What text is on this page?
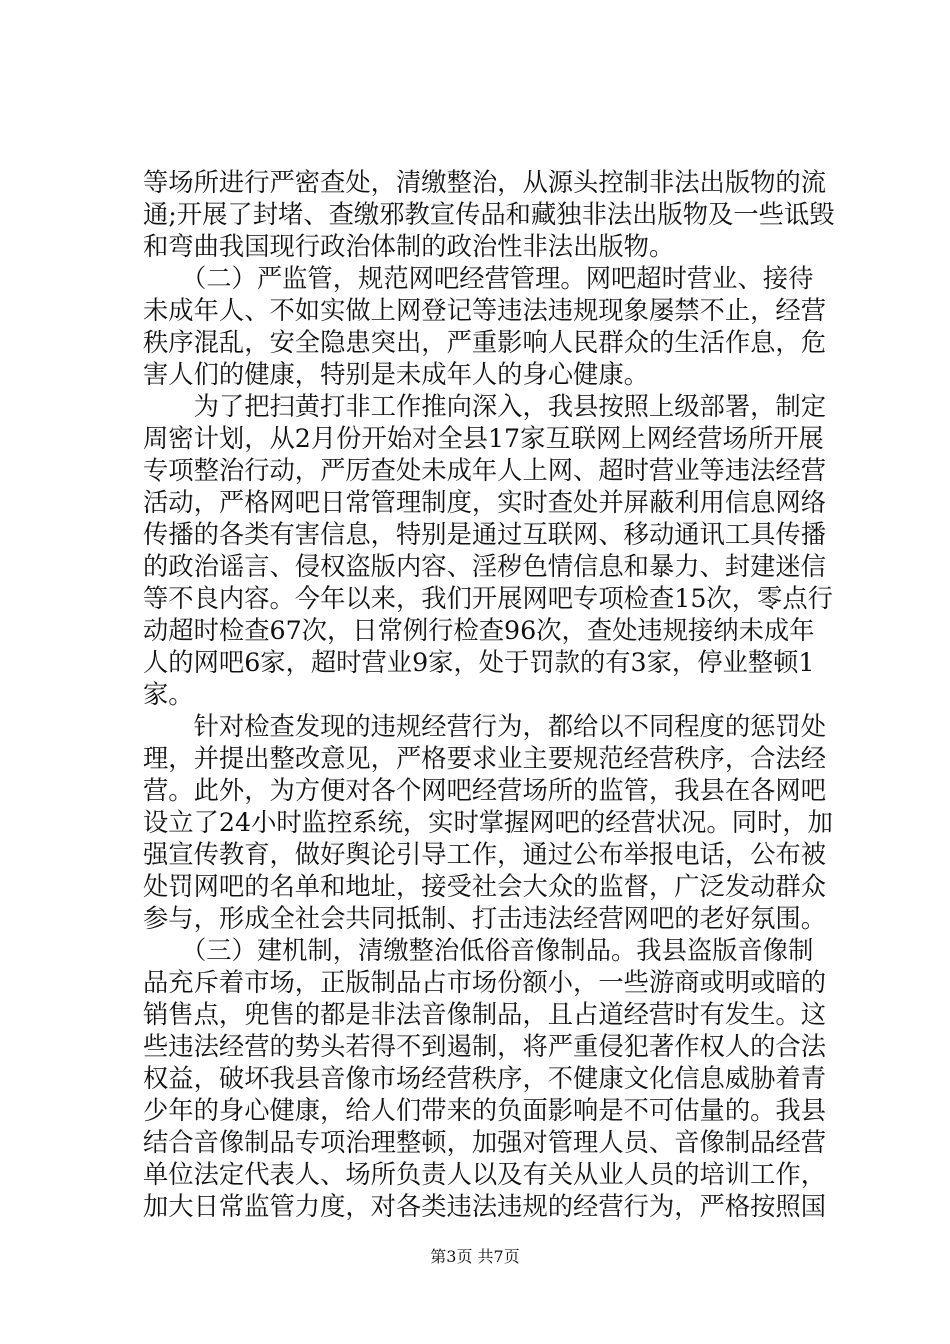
等场所进行严密查处，清缴整治，从源头控制非法出版物的流
通;开展了封堵、查缴邪教宣传品和藏独非法出版物及一些诋毁
和弯曲我国现行政治体制的政治性非法出版物。
　　（二）严监管，规范网吧经营管理。网吧超时营业、接待
未成年人、不如实做上网登记等违法违规现象屡禁不止，经营
秩序混乱，安全隐患突出，严重影响人民群众的生活作息，危
害人们的健康，特别是未成年人的身心健康。
　　为了把扫黄打非工作推向深入，我县按照上级部署，制定
周密计划，从2月份开始对全县17家互联网上网经营场所开展
专项整治行动，严厉查处未成年人上网、超时营业等违法经营
活动，严格网吧日常管理制度，实时查处并屏蔽利用信息网络
传播的各类有害信息，特别是通过互联网、移动通讯工具传播
的政治谣言、侵权盗版内容、淫秽色情信息和暴力、封建迷信
等不良内容。今年以来，我们开展网吧专项检查15次，零点行
动超时检查67次，日常例行检查96次，查处违规接纳未成年
人的网吧6家，超时营业9家，处于罚款的有3家，停业整顿1
家。
　　针对检查发现的违规经营行为，都给以不同程度的惩罚处
理，并提出整改意见，严格要求业主要规范经营秩序，合法经
营。此外，为方便对各个网吧经营场所的监管，我县在各网吧
设立了24小时监控系统，实时掌握网吧的经营状况。同时，加
强宣传教育，做好舆论引导工作，通过公布举报电话，公布被
处罚网吧的名单和地址，接受社会大众的监督，广泛发动群众
参与，形成全社会共同抵制、打击违法经营网吧的老好氛围。
　　（三）建机制，清缴整治低俗音像制品。我县盗版音像制
品充斥着市场，正版制品占市场份额小，一些游商或明或暗的
销售点，兜售的都是非法音像制品，且占道经营时有发生。这
些违法经营的势头若得不到遏制，将严重侵犯著作权人的合法
权益，破坏我县音像市场经营秩序，不健康文化信息威胁着青
少年的身心健康，给人们带来的负面影响是不可估量的。我县
结合音像制品专项治理整顿，加强对管理人员、音像制品经营
单位法定代表人、场所负责人以及有关从业人员的培训工作，
加大日常监管力度，对各类违法违规的经营行为，严格按照国
第3页 共7页
